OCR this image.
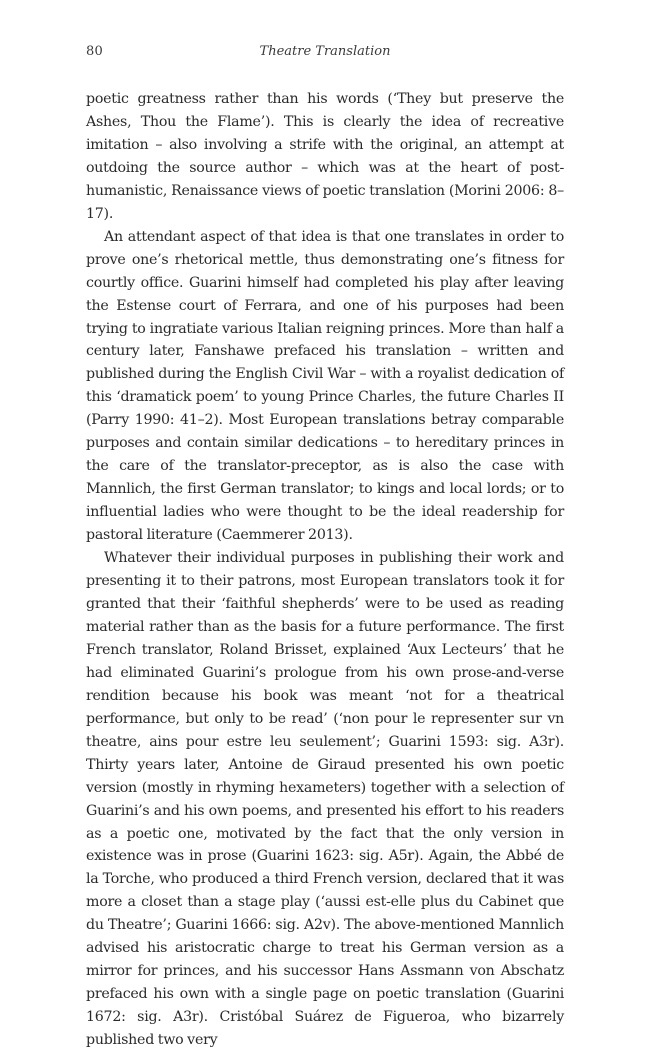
80	Theatre Translation

poetic greatness rather than his words (‘They but preserve the Ashes, Thou the Flame’). This is clearly the idea of recreative imitation – also involving a strife with the original, an attempt at outdoing the source author – which was at the heart of post-humanistic, Renaissance views of poetic translation (Morini 2006: 8–17).

An attendant aspect of that idea is that one translates in order to prove one’s rhetorical mettle, thus demonstrating one’s fitness for courtly office. Guarini himself had completed his play after leaving the Estense court of Ferrara, and one of his purposes had been trying to ingratiate various Italian reigning princes. More than half a century later, Fanshawe prefaced his translation – written and published during the English Civil War – with a royalist dedication of this ‘dramatick poem’ to young Prince Charles, the future Charles II (Parry 1990: 41–2). Most European translations betray comparable purposes and contain similar dedications – to hereditary princes in the care of the translator-preceptor, as is also the case with Mannlich, the first German translator; to kings and local lords; or to influential ladies who were thought to be the ideal readership for pastoral literature (Caemmerer 2013).

Whatever their individual purposes in publishing their work and presenting it to their patrons, most European translators took it for granted that their ‘faithful shepherds’ were to be used as reading material rather than as the basis for a future performance. The first French translator, Roland Brisset, explained ‘Aux Lecteurs’ that he had eliminated Guarini’s prologue from his own prose-and-verse rendition because his book was meant ‘not for a theatrical performance, but only to be read’ (‘non pour le representer sur vn theatre, ains pour estre leu seulement’; Guarini 1593: sig. A3r). Thirty years later, Antoine de Giraud presented his own poetic version (mostly in rhyming hexameters) together with a selection of Guarini’s and his own poems, and presented his effort to his readers as a poetic one, motivated by the fact that the only version in existence was in prose (Guarini 1623: sig. A5r). Again, the Abbé de la Torche, who produced a third French version, declared that it was more a closet than a stage play (‘aussi est-elle plus du Cabinet que du Theatre’; Guarini 1666: sig. A2v). The above-mentioned Mannlich advised his aristocratic charge to treat his German version as a mirror for princes, and his successor Hans Assmann von Abschatz prefaced his own with a single page on poetic translation (Guarini 1672: sig. A3r). Cristóbal Suárez de Figueroa, who bizarrely published two very
